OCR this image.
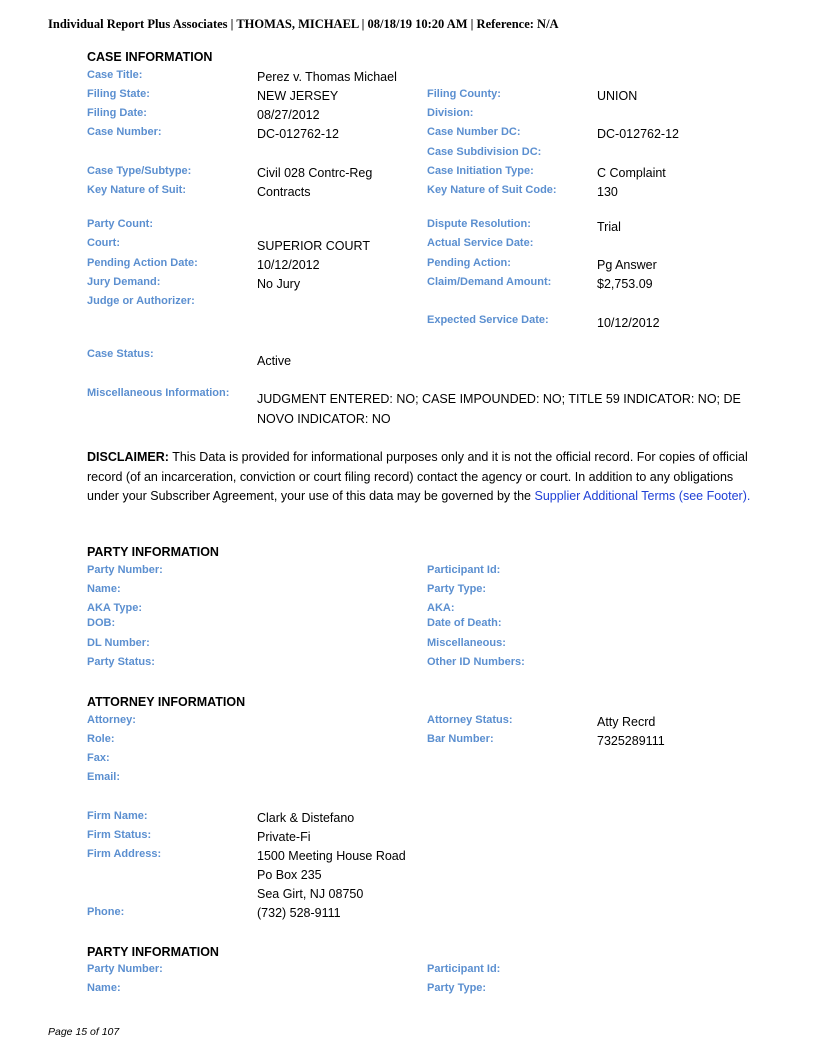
Individual Report Plus Associates | THOMAS, MICHAEL | 08/18/19 10:20 AM | Reference: N/A
CASE INFORMATION
Case Title:	Perez v. Thomas Michael
Filing State:	NEW JERSEY	Filing County:	UNION
Filing Date:	08/27/2012	Division:
Case Number:	DC-012762-12	Case Number DC:	DC-012762-12
Case Subdivision DC:
Case Type/Subtype:	Civil 028 Contrc-Reg	Case Initiation Type:	C Complaint
Key Nature of Suit:	Contracts	Key Nature of Suit Code:	130
Party Count:	Dispute Resolution:	Trial
Court:	SUPERIOR COURT	Actual Service Date:
Pending Action Date:	10/12/2012	Pending Action:	Pg Answer
Jury Demand:	No Jury	Claim/Demand Amount:	$2,753.09
Judge or Authorizer:
Expected Service Date:	10/12/2012
Case Status:	Active
Miscellaneous Information: JUDGMENT ENTERED: NO; CASE IMPOUNDED: NO; TITLE 59 INDICATOR: NO; DE NOVO INDICATOR: NO
DISCLAIMER: This Data is provided for informational purposes only and it is not the official record. For copies of official record (of an incarceration, conviction or court filing record) contact the agency or court. In addition to any obligations under your Subscriber Agreement, your use of this data may be governed by the Supplier Additional Terms (see Footer).
PARTY INFORMATION
Party Number:	Participant Id:
Name:	Party Type:
AKA Type:	AKA:
DOB:	Date of Death:
DL Number:	Miscellaneous:
Party Status:	Other ID Numbers:
ATTORNEY INFORMATION
Attorney:	Attorney Status:	Atty Recrd
Role:	Bar Number:	7325289111
Fax:
Email:
Firm Name:	Clark & Distefano
Firm Status:	Private-Fi
Firm Address:	1500 Meeting House Road
Po Box 235
Sea Girt, NJ 08750
Phone:	(732) 528-9111
PARTY INFORMATION
Party Number:	Participant Id:
Name:	Party Type:
Page 15 of 107
